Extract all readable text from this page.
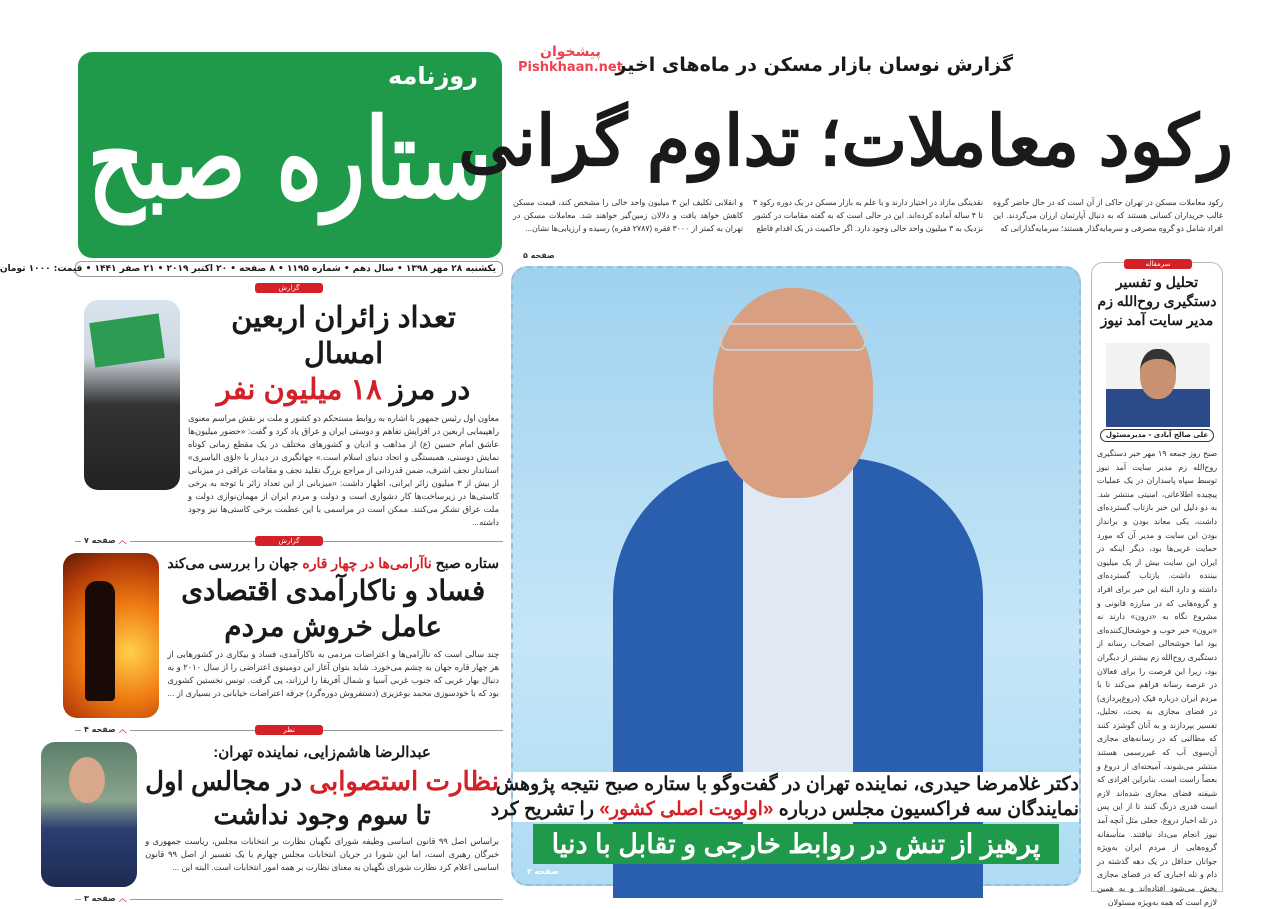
روزنامه
ستاره صبح
یکشنبه ۲۸ مهر ۱۳۹۸ • سال دهم • شماره ۱۱۹۵ • ۸ صفحه • ۲۰ اکتبر ۲۰۱۹ • ۲۱ صفر ۱۴۴۱ • قیمت: ۱۰۰۰ تومان
گزارش نوسان بازار مسکن در ماه‌های اخیر
پیشخوان
Pishkhaan.net
رکود معاملات؛ تداوم گرانی
رکود معاملات مسکن در تهران حاکی از آن است که در حال حاضر گروه غالب خریداران کسانی هستند که به دنبال آپارتمان ارزان می‌گردند. این افراد شامل دو گروه مصرفی و سرمایه‌گذار هستند؛ سرمایه‌گذارانی که
نقدینگی مازاد در اختیار دارند و با علم به بازار مسکن در یک دوره رکود ۳ تا ۴ ساله آماده کرده‌اند. این در حالی است که به گفته مقامات در کشور نزدیک به ۳ میلیون واحد خالی وجود دارد. اگر حاکمیت در یک اقدام قاطع
و انقلابی تکلیف این ۳ میلیون واحد خالی را مشخص کند، قیمت مسکن کاهش خواهد یافت و دلالان زمین‌گیر خواهند شد. معاملات مسکن در تهران به کمتر از ۳۰۰۰ فقره (۲۷۸۷ فقره) رسیده و ارزیابی‌ها نشان...
صفحه ۵
گزارش
تعداد زائران اربعین امسال
در مرز ۱۸ میلیون نفر
معاون اول رئیس جمهور با اشاره به روابط مستحکم دو کشور و ملت بر نقش مراسم معنوی راهپیمایی اربعین در افزایش تفاهم و دوستی ایران و عراق یاد کرد و گفت: «حضور میلیون‌ها عاشق امام حسین (ع) از مذاهب و ادیان و کشورهای مختلف در یک مقطع زمانی کوتاه نمایش دوستی، همبستگی و اتحاد دنیای اسلام است.» جهانگیری در دیدار با «لؤی الیاسری» استاندار نجف اشرف، ضمن قدردانی از مراجع بزرگ تقلید نجف و مقامات عراقی در میزبانی از بیش از ۳ میلیون زائر ایرانی، اظهار داشت: «میزبانی از این تعداد زائر با توجه به برخی کاستی‌ها در زیرساخت‌ها کار دشواری است و دولت و مردم ایران از مهمان‌نوازی دولت و ملت عراق تشکر می‌کنند. ممکن است در مراسمی با این عظمت برخی کاستی‌ها نیز وجود داشته...
︿ صفحه ۷	گزارش
ستاره صبح ناآرامی‌ها در چهار قاره جهان را بررسی می‌کند
فساد و ناکارآمدی اقتصادی
عامل خروش مردم
چند سالی است که ناآرامی‌ها و اعتراضات مردمی به ناکارآمدی، فساد و بیکاری در کشورهایی از هر چهار قاره جهان به چشم می‌خورد. شاید بتوان آغاز این دومینوی اعتراضی را از سال ۲۰۱۰ و به دنبال بهار عربی که جنوب غربی آسیا و شمال آفریقا را لرزاند، پی گرفت. تونس نخستین کشوری بود که با خودسوزی محمد بوعزیزی (دستفروش دوره‌گرد) جرقه اعتراضات خیابانی در بسیاری از ...
︿ صفحه ۴	نظر
عبدالرضا هاشم‌زایی، نماینده تهران:
نظارت استصوابی در مجالس اول
تا سوم وجود نداشت
براساس اصل ۹۹ قانون اساسی وظیفه شورای نگهبان نظارت بر انتخابات مجلس، ریاست جمهوری و خبرگان رهبری است، اما این شورا در جریان انتخابات مجلس چهارم با یک تفسیر از اصل ۹۹ قانون اساسی اعلام کرد نظارت شورای نگهبان به معنای نظارت بر همه امور انتخابات است. البته این ...
︿ صفحه ۳
دکتر غلامرضا حیدری، نماینده تهران در گفت‌وگو با ستاره صبح نتیجه پژوهش
نمایندگان سه فراکسیون مجلس درباره «اولویت اصلی کشور» را تشریح کرد
پرهیز از تنش در روابط خارجی و تقابل با دنیا
صفحه ۲
سرمقاله
تحلیل و تفسیر دستگیری روح‌الله زم مدیر سایت آمد نیوز
علی صالح آبادی - مدیرمسئول
صبح روز جمعه ۱۹ مهر خبر دستگیری روح‌الله زم مدیر سایت آمد نیوز توسط سپاه پاسداران در یک عملیات پیچیده اطلاعاتی، امنیتی منتشر شد. به دو دلیل این خبر بازتاب گسترده‌ای داشت، یکی معاند بودن و برانداز بودن این سایت و مدیر آن که مورد حمایت غربی‌ها بود، دیگر اینکه در ایران این سایت بیش از یک میلیون بیننده داشت. بازتاب گسترده‌ای داشته و دارد البته این خبر برای افراد و گروه‌هایی که در مبارزه قانونی و مشروع نگاه به «درون» دارند نه «برون» خبر خوب و خوشحال‌کننده‌ای بود اما خوشحالی اصحاب رسانه از دستگیری روح‌الله زم بیشتر از دیگران بود، زیرا این فرصت را برای فعالان در عرصه رسانه فراهم می‌کند تا با مردم ایران درباره فیک (دروغ‌پردازی) در فضای مجازی به بحث، تحلیل، تفسیر بپردازند و به آنان گوشزد کنند که مطالبی که در رسانه‌های مجازی آن‌سوی آب که غیررسمی هستند منتشر می‌شوند، آمیخته‌ای از دروغ و بعضاً راست است. بنابراین افرادی که شیفته فضای مجازی شده‌اند لازم است قدری درنگ کنند تا از این پس در تله اخبار دروغ، جعلی مثل آنچه آمد نیوز انجام می‌داد نیافتند. متأسفانه گروه‌هایی از مردم ایران به‌ویژه جوانان حداقل در یک دهه گذشته در دام و تله اخباری که در فضای مجازی پخش می‌شود افتاده‌اند و به همین لازم است که همه به‌ویژه مسئولان
